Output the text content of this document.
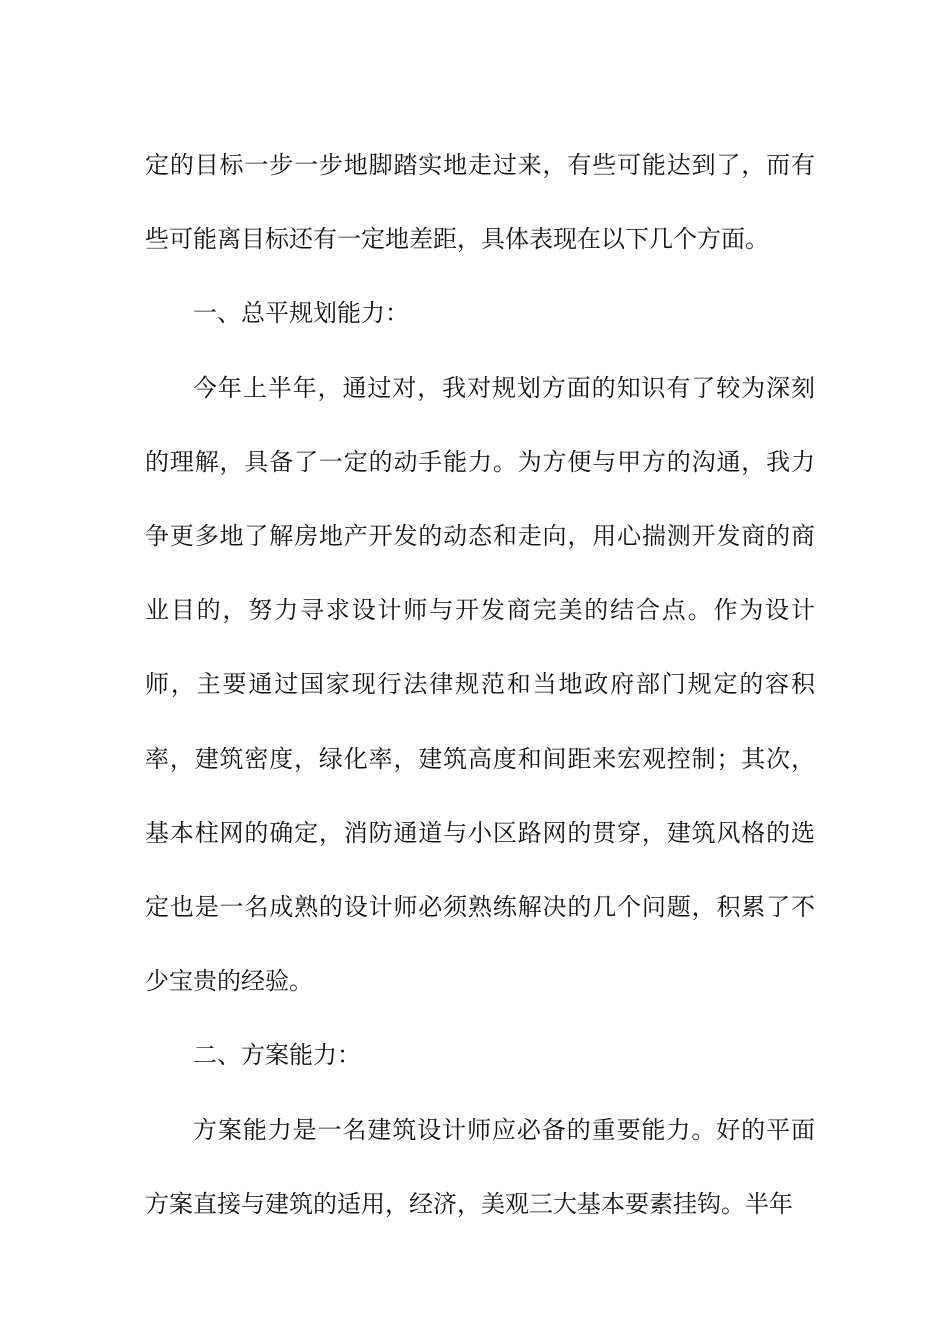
定的目标一步一步地脚踏实地走过来，有些可能达到了，而有些可能离目标还有一定地差距，具体表现在以下几个方面。

一、总平规划能力：

今年上半年，通过对，我对规划方面的知识有了较为深刻的理解，具备了一定的动手能力。为方便与甲方的沟通，我力争更多地了解房地产开发的动态和走向，用心揣测开发商的商业目的，努力寻求设计师与开发商完美的结合点。作为设计师，主要通过国家现行法律规范和当地政府部门规定的容积率，建筑密度，绿化率，建筑高度和间距来宏观控制；其次，基本柱网的确定，消防通道与小区路网的贯穿，建筑风格的选定也是一名成熟的设计师必须熟练解决的几个问题，积累了不少宝贵的经验。

二、方案能力：

方案能力是一名建筑设计师应必备的重要能力。好的平面方案直接与建筑的适用，经济，美观三大基本要素挂钩。半年
